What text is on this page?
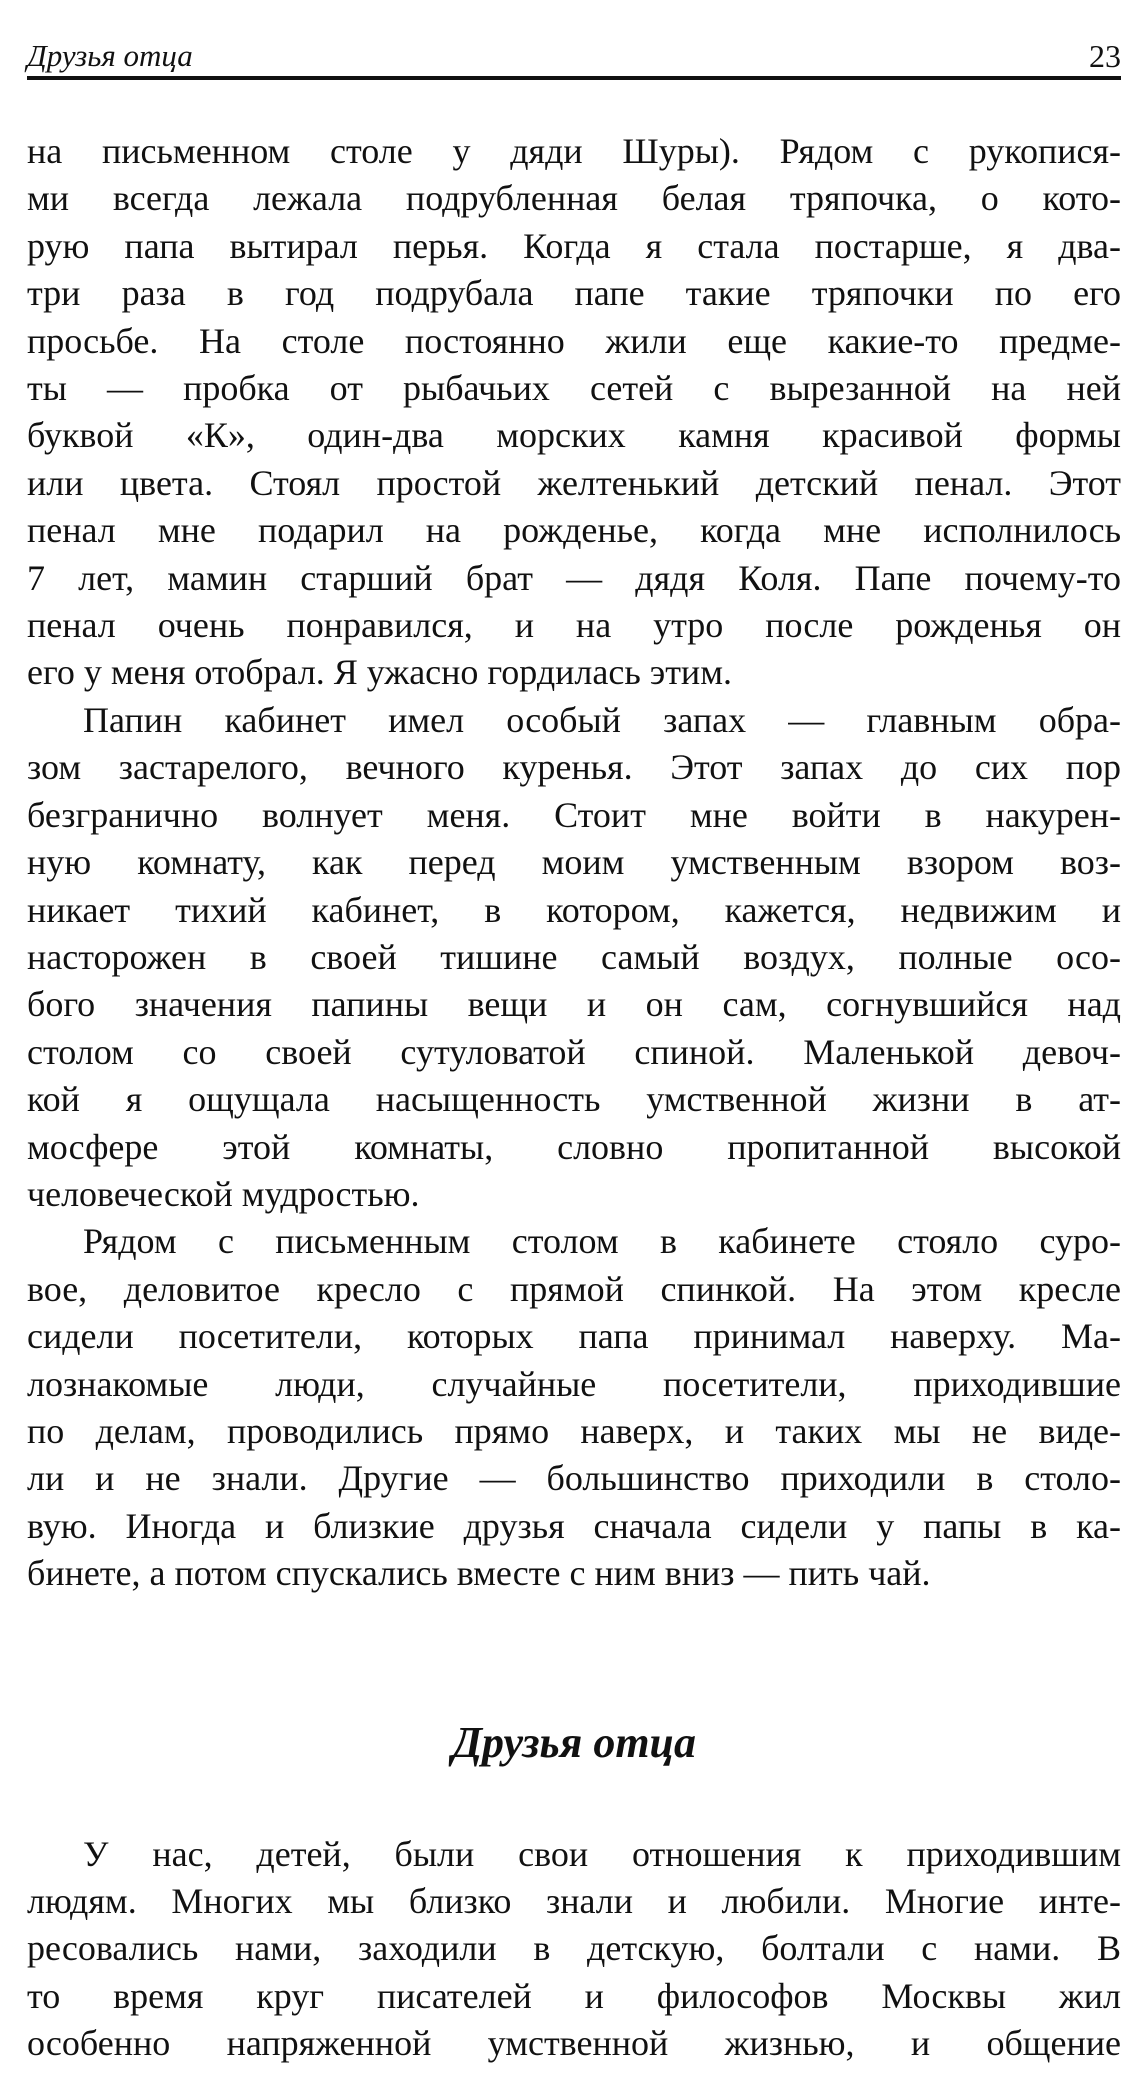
Друзья отца	23
на письменном столе у дяди Шуры). Рядом с рукопися-
ми всегда лежала подрубленная белая тряпочка, о кото-
рую папа вытирал перья. Когда я стала постарше, я два-
три раза в год подрубала папе такие тряпочки по его
просьбе. На столе постоянно жили еще какие-то предме-
ты — пробка от рыбачьих сетей с вырезанной на ней
буквой «К», один-два морских камня красивой формы
или цвета. Стоял простой желтенький детский пенал. Этот
пенал мне подарил на рожденье, когда мне исполнилось
7 лет, мамин старший брат — дядя Коля. Папе почему-то
пенал очень понравился, и на утро после рожденья он
его у меня отобрал. Я ужасно гордилась этим.
Папин кабинет имел особый запах — главным обра-
зом застарелого, вечного куренья. Этот запах до сих пор
безгранично волнует меня. Стоит мне войти в накурен-
ную комнату, как перед моим умственным взором воз-
никает тихий кабинет, в котором, кажется, недвижим и
насторожен в своей тишине самый воздух, полные осо-
бого значения папины вещи и он сам, согнувшийся над
столом со своей сутуловатой спиной. Маленькой девоч-
кой я ощущала насыщенность умственной жизни в ат-
мосфере этой комнаты, словно пропитанной высокой
человеческой мудростью.
Рядом с письменным столом в кабинете стояло суро-
вое, деловитое кресло с прямой спинкой. На этом кресле
сидели посетители, которых папа принимал наверху. Ма-
лознакомые люди, случайные посетители, приходившие
по делам, проводились прямо наверх, и таких мы не виде-
ли и не знали. Другие — большинство приходили в столо-
вую. Иногда и близкие друзья сначала сидели у папы в ка-
бинете, а потом спускались вместе с ним вниз — пить чай.
Друзья отца
У нас, детей, были свои отношения к приходившим
людям. Многих мы близко знали и любили. Многие инте-
ресовались нами, заходили в детскую, болтали с нами. В
то время круг писателей и философов Москвы жил
особенно напряженной умственной жизнью, и общение
